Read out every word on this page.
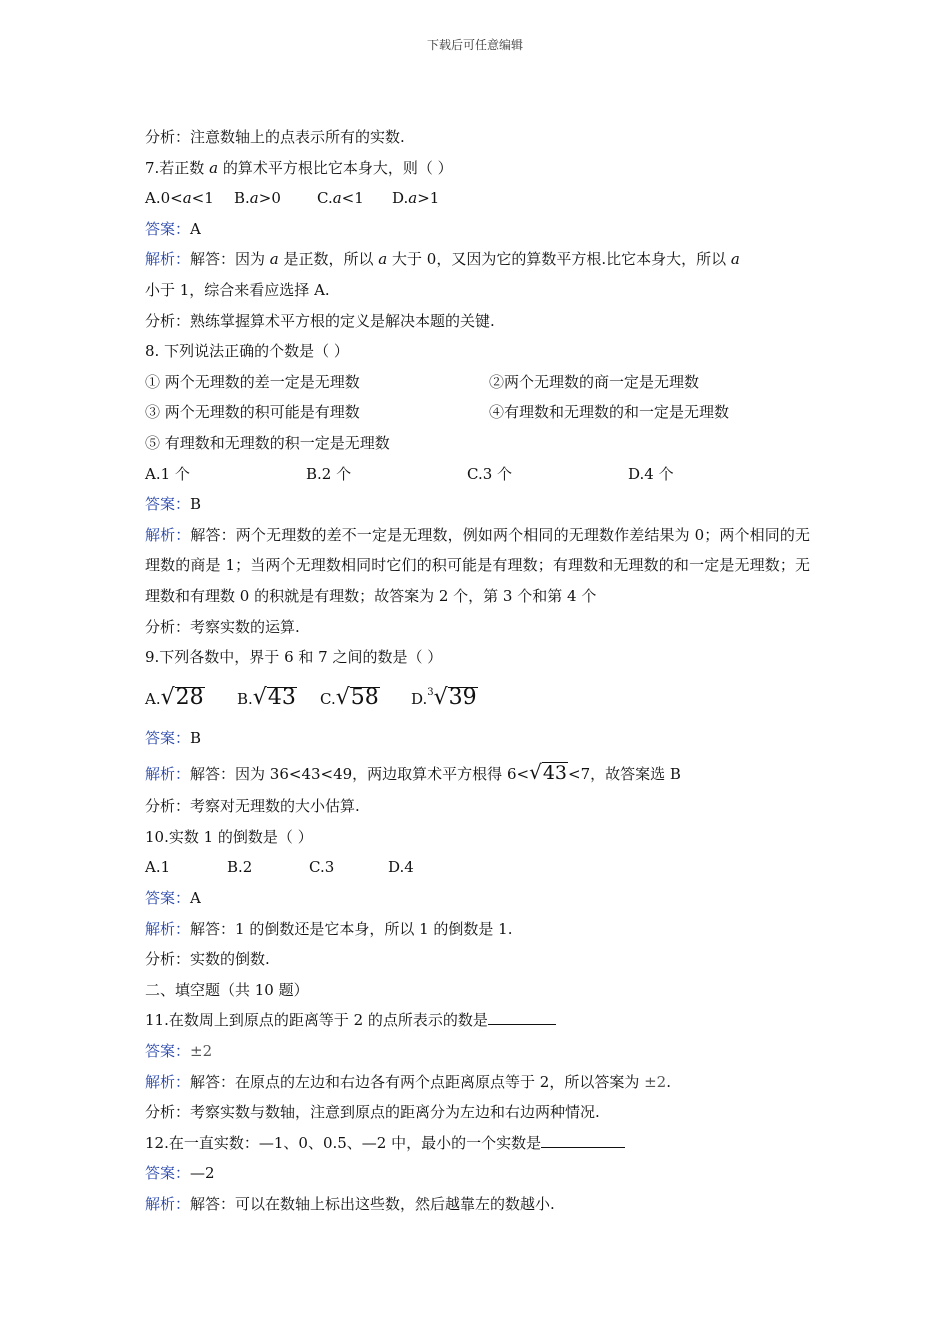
下载后可任意编辑
分析：注意数轴上的点表示所有的实数.
7.若正数 a 的算术平方根比它本身大，则（ ）
A.0<a<1 B.a>0 C.a<1 D.a>1
答案：A
解析：解答：因为 a 是正数，所以 a 大于 0，又因为它的算数平方根.比它本身大，所以 a
小于 1，综合来看应选择 A.
分析：熟练掌握算术平方根的定义是解决本题的关键.
8. 下列说法正确的个数是（ ）
① 两个无理数的差一定是无理数	②两个无理数的商一定是无理数
③ 两个无理数的积可能是有理数	④有理数和无理数的和一定是无理数
⑤ 有理数和无理数的积一定是无理数
A.1 个	B.2 个	C.3 个	D.4 个
答案：B
解析：解答：两个无理数的差不一定是无理数，例如两个相同的无理数作差结果为 0；两个相同的无理数的商是 1；当两个无理数相同时它们的积可能是有理数；有理数和无理数的和一定是无理数；无理数和有理数 0 的积就是有理数；故答案为 2 个，第 3 个和第 4 个
分析：考察实数的运算.
9.下列各数中，界于 6 和 7 之间的数是（ ）
A.√28 B.√43 C.√58 D.$^3$√39
答案：B
解析：解答：因为 36<43<49，两边取算术平方根得 6<√43<7，故答案选 B
分析：考察对无理数的大小估算.
10.实数 1 的倒数是（ ）
A.1	B.2	C.3	D.4
答案：A
解析：解答：1 的倒数还是它本身，所以 1 的倒数是 1.
分析：实数的倒数.
二、填空题（共 10 题）
11.在数周上到原点的距离等于 2 的点所表示的数是
答案：±2
解析：解答：在原点的左边和右边各有两个点距离原点等于 2，所以答案为 ±2.
分析：考察实数与数轴，注意到原点的距离分为左边和右边两种情况.
12.在一直实数：—1、0、0.5、—2 中，最小的一个实数是
答案：—2
解析：解答：可以在数轴上标出这些数，然后越靠左的数越小.
